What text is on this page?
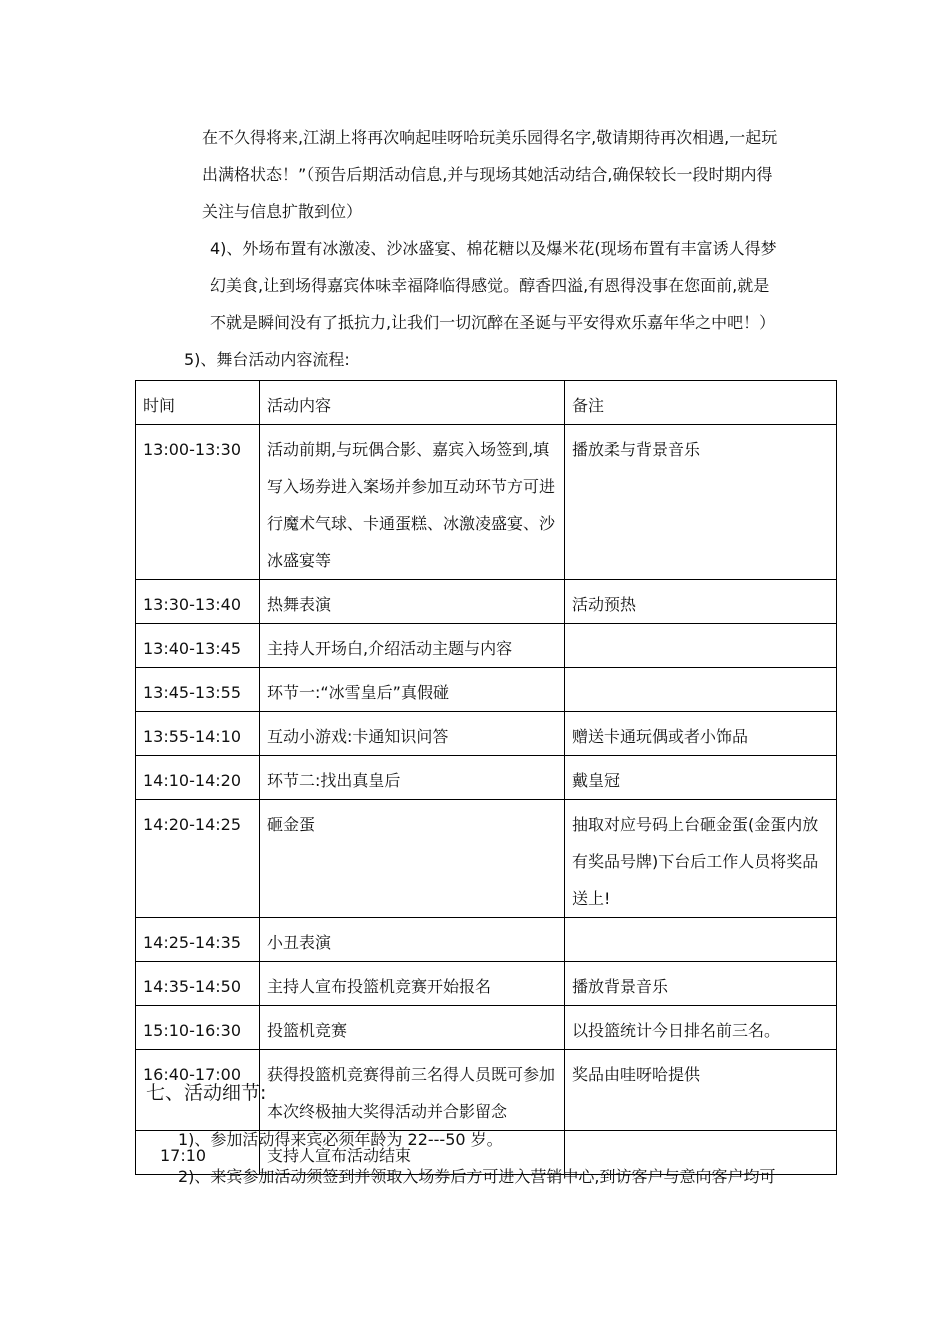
在不久得将来,江湖上将再次响起哇呀哈玩美乐园得名字,敬请期待再次相遇,一起玩
出满格状态！”（预告后期活动信息,并与现场其她活动结合,确保较长一段时期内得
关注与信息扩散到位）
4)、外场布置有冰激凌、沙冰盛宴、棉花糖以及爆米花(现场布置有丰富诱人得梦
幻美食,让到场得嘉宾体味幸福降临得感觉。醇香四溢,有恩得没事在您面前,就是
不就是瞬间没有了抵抗力,让我们一切沉醉在圣诞与平安得欢乐嘉年华之中吧！）
5)、舞台活动内容流程:
时间	活动内容	备注
13:00-13:30	活动前期,与玩偶合影、嘉宾入场签到,填写入场券进入案场并参加互动环节方可进行魔术气球、卡通蛋糕、冰激凌盛宴、沙冰盛宴等	播放柔与背景音乐
13:30-13:40	热舞表演	活动预热
13:40-13:45	主持人开场白,介绍活动主题与内容	
13:45-13:55	环节一:“冰雪皇后”真假碰	
13:55-14:10	互动小游戏:卡通知识问答	赠送卡通玩偶或者小饰品
14:10-14:20	环节二:找出真皇后	戴皇冠
14:20-14:25	砸金蛋	抽取对应号码上台砸金蛋(金蛋内放有奖品号牌)下台后工作人员将奖品送上!
14:25-14:35	小丑表演	
14:35-14:50	主持人宣布投篮机竞赛开始报名	播放背景音乐
15:10-16:30	投篮机竞赛	以投篮统计今日排名前三名。
16:40-17:00	获得投篮机竞赛得前三名得人员既可参加本次终极抽大奖得活动并合影留念	奖品由哇呀哈提供
17:10	支持人宣布活动结束	
七、活动细节:
1)、参加活动得来宾必须年龄为 22---50 岁。
2)、来宾参加活动须签到并领取入场券后方可进入营销中心,到访客户与意向客户均可
